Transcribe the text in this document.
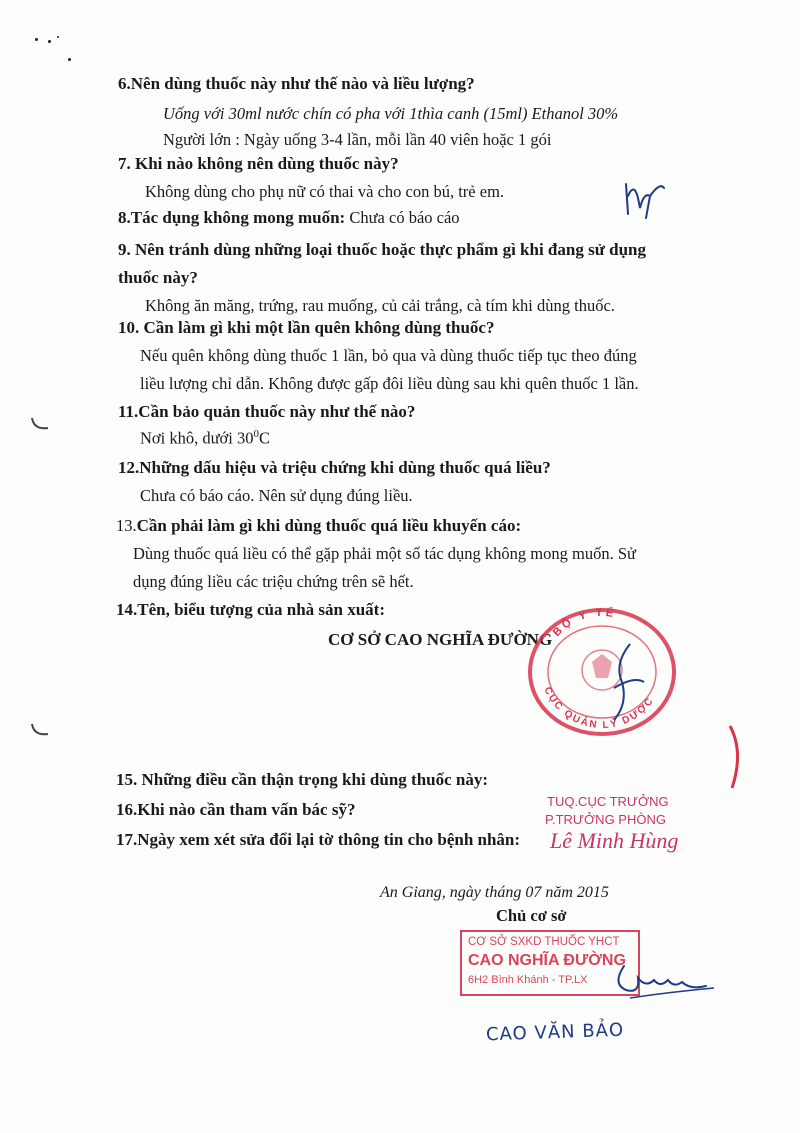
6.Nên dùng thuốc này như thế nào và liều lượng?
Uống với 30ml nước chín có pha với 1thìa canh (15ml) Ethanol 30%
Người lớn : Ngày uống 3-4 lần, mỗi lần 40 viên hoặc 1 gói
7. Khi nào không nên dùng thuốc này?
Không dùng cho phụ nữ có thai và cho con bú, trẻ em.
8.Tác dụng không mong muốn: Chưa có báo cáo
9. Nên tránh dùng những loại thuốc hoặc thực phẩm gì khi đang sử dụng
thuốc này?
Không ăn măng, trứng, rau muống, củ cải trắng, cà tím khi dùng thuốc.
10. Cần làm gì khi một lần quên không dùng thuốc?
Nếu quên không dùng thuốc 1 lần, bỏ qua và dùng thuốc tiếp tục theo đúng
liều lượng chỉ dẫn. Không được gấp đôi liều dùng sau khi quên thuốc 1 lần.
11.Cần bảo quản thuốc này như thế nào?
Nơi khô, dưới $30^0C$
12.Những dấu hiệu và triệu chứng khi dùng thuốc quá liều?
Chưa có báo cáo. Nên sử dụng đúng liều.
13.Cần phải làm gì khi dùng thuốc quá liều khuyến cáo:
Dùng thuốc quá liều có thể gặp phải một số tác dụng không mong muốn. Sử
dụng đúng liều các triệu chứng trên sẽ hết.
14.Tên, biểu tượng của nhà sản xuất:
CƠ SỞ CAO NGHĨA ĐƯỜNG
BỘ Y TẾ
CỤC QUẢN LÝ DƯỢC
15. Những điều cần thận trọng khi dùng thuốc này:
16.Khi nào cần tham vấn bác sỹ?
17.Ngày xem xét sửa đổi lại tờ thông tin cho bệnh nhân:
TUQ.CỤC TRƯỞNG
P.TRƯỞNG PHÒNG
Lê Minh Hùng
An Giang, ngày tháng 07 năm 2015
Chủ cơ sở
CƠ SỞ SXKD THUỐC YHCT
CAO NGHĨA ĐƯỜNG
6H2 Bình Khánh - TP.LX
CAO VĂN BẢO
